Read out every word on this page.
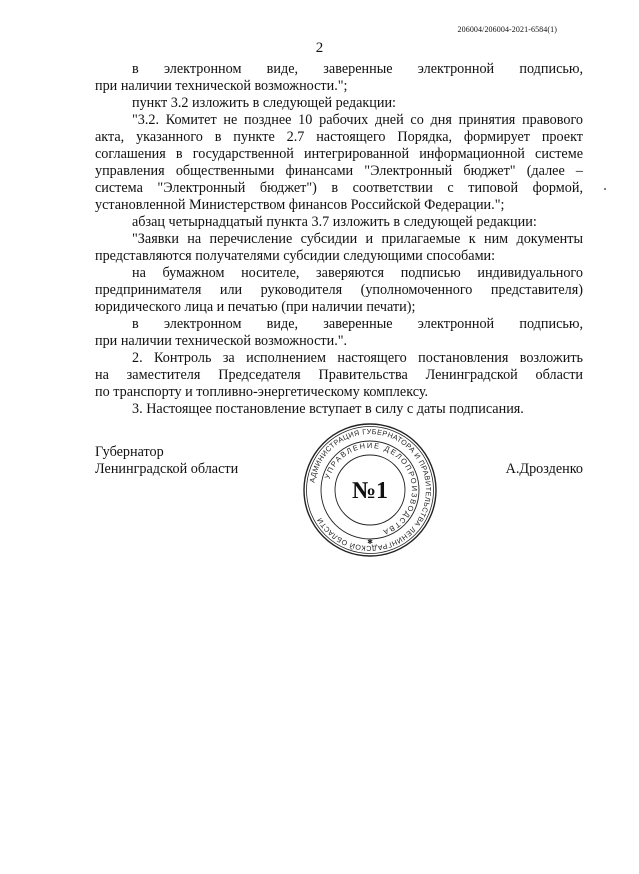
206004/206004-2021-6584(1)
2
в электронном виде, заверенные электронной подписью,
при наличии технической возможности.";
пункт 3.2 изложить в следующей редакции:
"3.2. Комитет не позднее 10 рабочих дней со дня принятия правового
акта, указанного в пункте 2.7 настоящего Порядка, формирует проект
соглашения в государственной интегрированной информационной системе
управления общественными финансами "Электронный бюджет" (далее –
система "Электронный бюджет") в соответствии с типовой формой,
установленной Министерством финансов Российской Федерации.";
абзац четырнадцатый пункта 3.7 изложить в следующей редакции:
"Заявки на перечисление субсидии и прилагаемые к ним документы
представляются получателями субсидии следующими способами:
на бумажном носителе, заверяются подписью индивидуального
предпринимателя или руководителя (уполномоченного представителя)
юридического лица и печатью (при наличии печати);
в электронном виде, заверенные электронной подписью,
при наличии технической возможности.".
2. Контроль за исполнением настоящего постановления возложить
на заместителя Председателя Правительства Ленинградской области
по транспорту и топливно-энергетическому комплексу.
3. Настоящее постановление вступает в силу с даты подписания.
Губернатор
Ленинградской области	А.Дрозденко
АДМИНИСТРАЦИЯ ГУБЕРНАТОРА И ПРАВИТЕЛЬСТВА ЛЕНИНГРАДСКОЙ ОБЛАСТИ
УПРАВЛЕНИЕ ДЕЛОПРОИЗВОДСТВА
№1
✱
